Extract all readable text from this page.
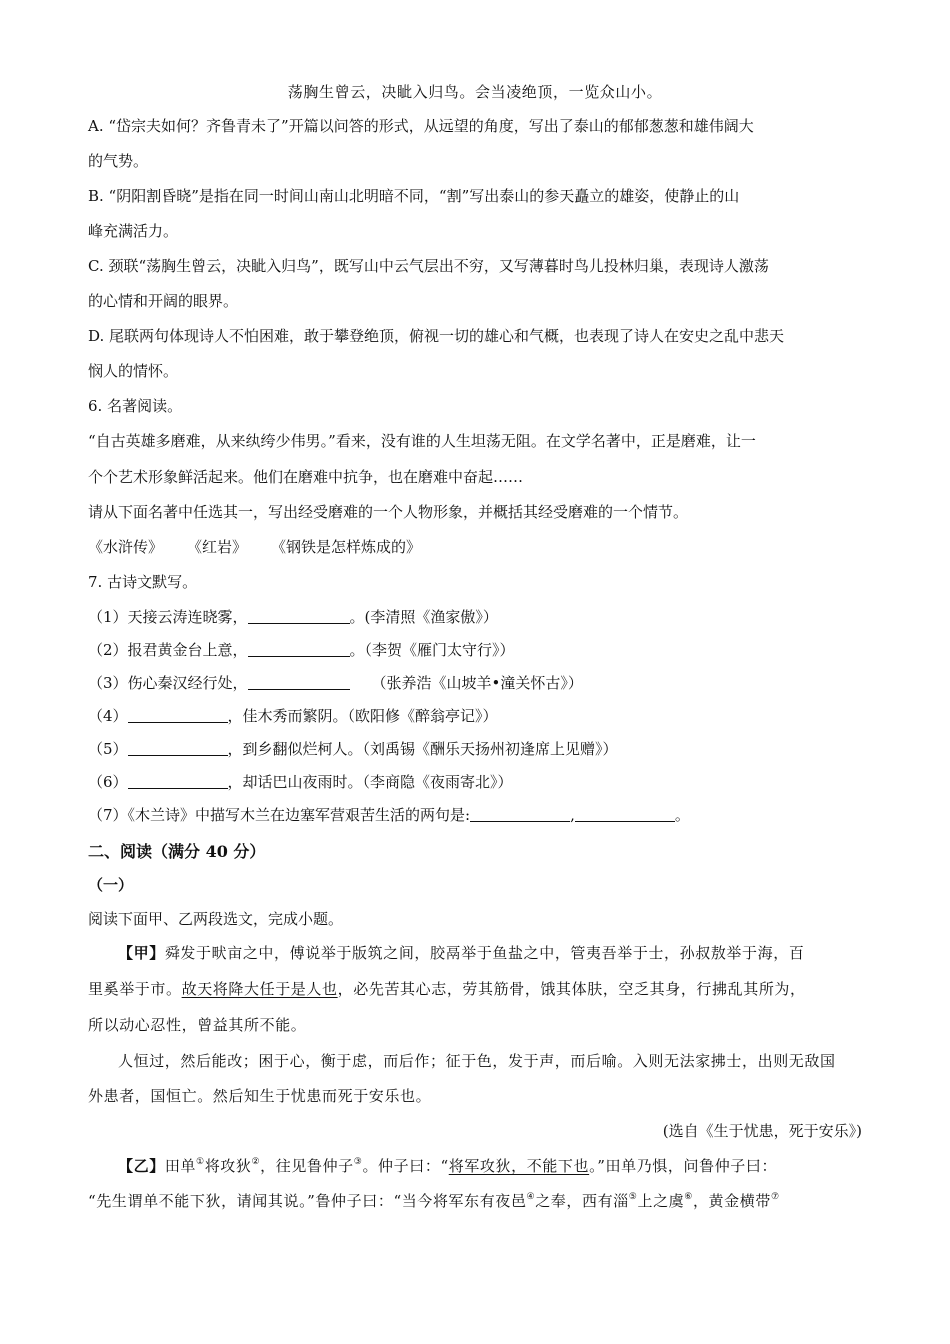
荡胸生曾云，决眦入归鸟。会当凌绝顶，一览众山小。
A. “岱宗夫如何？齐鲁青未了”开篇以问答的形式，从远望的角度，写出了泰山的郁郁葱葱和雄伟阔大
的气势。
B. “阴阳割昏晓”是指在同一时间山南山北明暗不同，“割”写出泰山的参天矗立的雄姿，使静止的山
峰充满活力。
C. 颈联“荡胸生曾云，决眦入归鸟”，既写山中云气层出不穷，又写薄暮时鸟儿投林归巢，表现诗人激荡
的心情和开阔的眼界。
D. 尾联两句体现诗人不怕困难，敢于攀登绝顶，俯视一切的雄心和气概，也表现了诗人在安史之乱中悲天
悯人的情怀。
6. 名著阅读。
“自古英雄多磨难，从来纨绔少伟男。”看来，没有谁的人生坦荡无阻。在文学名著中，正是磨难，让一
个个艺术形象鲜活起来。他们在磨难中抗争，也在磨难中奋起……
请从下面名著中任选其一，写出经受磨难的一个人物形象，并概括其经受磨难的一个情节。
《水浒传》 《红岩》 《钢铁是怎样炼成的》
7. 古诗文默写。
（1）天接云涛连晓雾，	。(李清照《渔家傲》）
（2）报君黄金台上意，	。（李贺《雁门太守行》）
（3）伤心秦汉经行处，	（张养浩《山坡羊•潼关怀古》）
（4）	，佳木秀而繁阴。（欧阳修《醉翁亭记》）
（5）	，到乡翻似烂柯人。（刘禹锡《酬乐天扬州初逢席上见赠》）
（6）	，却话巴山夜雨时。（李商隐《夜雨寄北》）
（7）《木兰诗》中描写木兰在边塞军营艰苦生活的两句是:	,	。
二、阅读（满分 40 分）
（一）
阅读下面甲、乙两段选文，完成小题。
【甲】舜发于畎亩之中，傅说举于版筑之间，胶鬲举于鱼盐之中，管夷吾举于士，孙叔敖举于海，百
里奚举于市。故天将降大任于是人也，必先苦其心志，劳其筋骨，饿其体肤，空乏其身，行拂乱其所为，
所以动心忍性，曾益其所不能。
人恒过，然后能改；困于心，衡于虑，而后作；征于色，发于声，而后喻。入则无法家拂士，出则无敌国
外患者，国恒亡。然后知生于忧患而死于安乐也。
(选自《生于忧患，死于安乐》)
【乙】田单①将攻狄②，往见鲁仲子③。仲子曰：“将军攻狄，不能下也。”田单乃惧，问鲁仲子曰：
“先生谓单不能下狄，请闻其说。”鲁仲子曰：“当今将军东有夜邑④之奉，西有淄⑤上之虞⑥，黄金横带⑦
